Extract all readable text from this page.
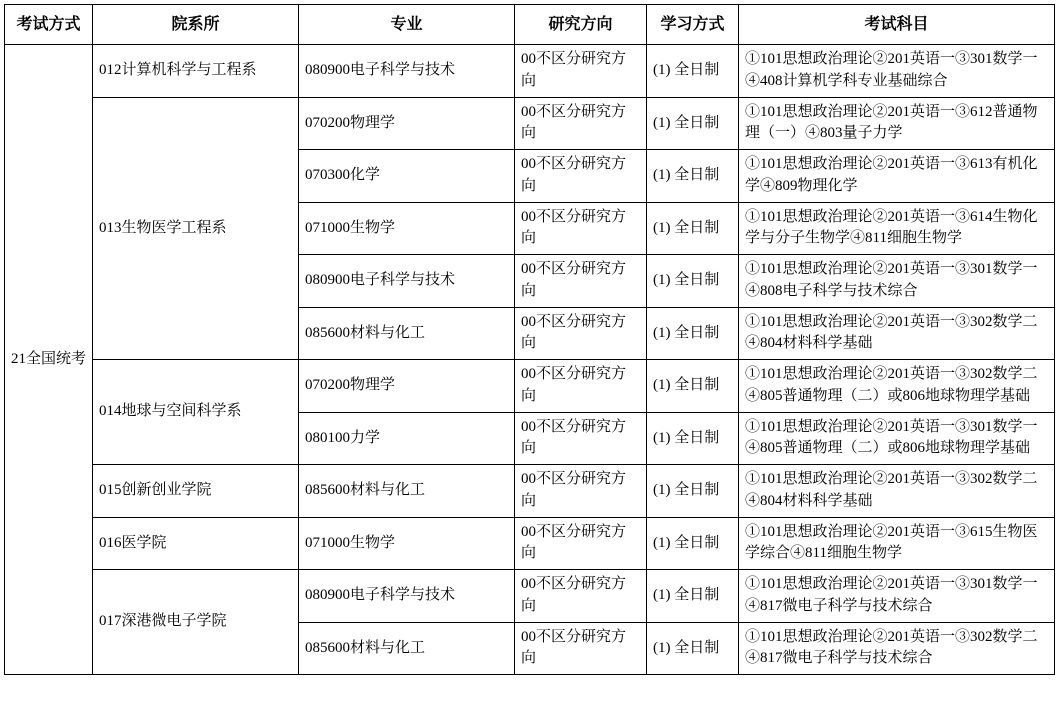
考试方式	院系所	专业	研究方向	学习方式	考试科目
21全国统考	012计算机科学与工程系	080900电子科学与技术	00不区分研究方向	(1) 全日制	①101思想政治理论②201英语一③301数学一④408计算机学科专业基础综合
	013生物医学工程系	070200物理学	00不区分研究方向	(1) 全日制	①101思想政治理论②201英语一③612普通物理（一）④803量子力学
		070300化学	00不区分研究方向	(1) 全日制	①101思想政治理论②201英语一③613有机化学④809物理化学
		071000生物学	00不区分研究方向	(1) 全日制	①101思想政治理论②201英语一③614生物化学与分子生物学④811细胞生物学
		080900电子科学与技术	00不区分研究方向	(1) 全日制	①101思想政治理论②201英语一③301数学一④808电子科学与技术综合
		085600材料与化工	00不区分研究方向	(1) 全日制	①101思想政治理论②201英语一③302数学二④804材料科学基础
	014地球与空间科学系	070200物理学	00不区分研究方向	(1) 全日制	①101思想政治理论②201英语一③302数学二④805普通物理（二）或806地球物理学基础
		080100力学	00不区分研究方向	(1) 全日制	①101思想政治理论②201英语一③301数学一④805普通物理（二）或806地球物理学基础
	015创新创业学院	085600材料与化工	00不区分研究方向	(1) 全日制	①101思想政治理论②201英语一③302数学二④804材料科学基础
	016医学院	071000生物学	00不区分研究方向	(1) 全日制	①101思想政治理论②201英语一③615生物医学综合④811细胞生物学
	017深港微电子学院	080900电子科学与技术	00不区分研究方向	(1) 全日制	①101思想政治理论②201英语一③301数学一④817微电子科学与技术综合
		085600材料与化工	00不区分研究方向	(1) 全日制	①101思想政治理论②201英语一③302数学二④817微电子科学与技术综合
